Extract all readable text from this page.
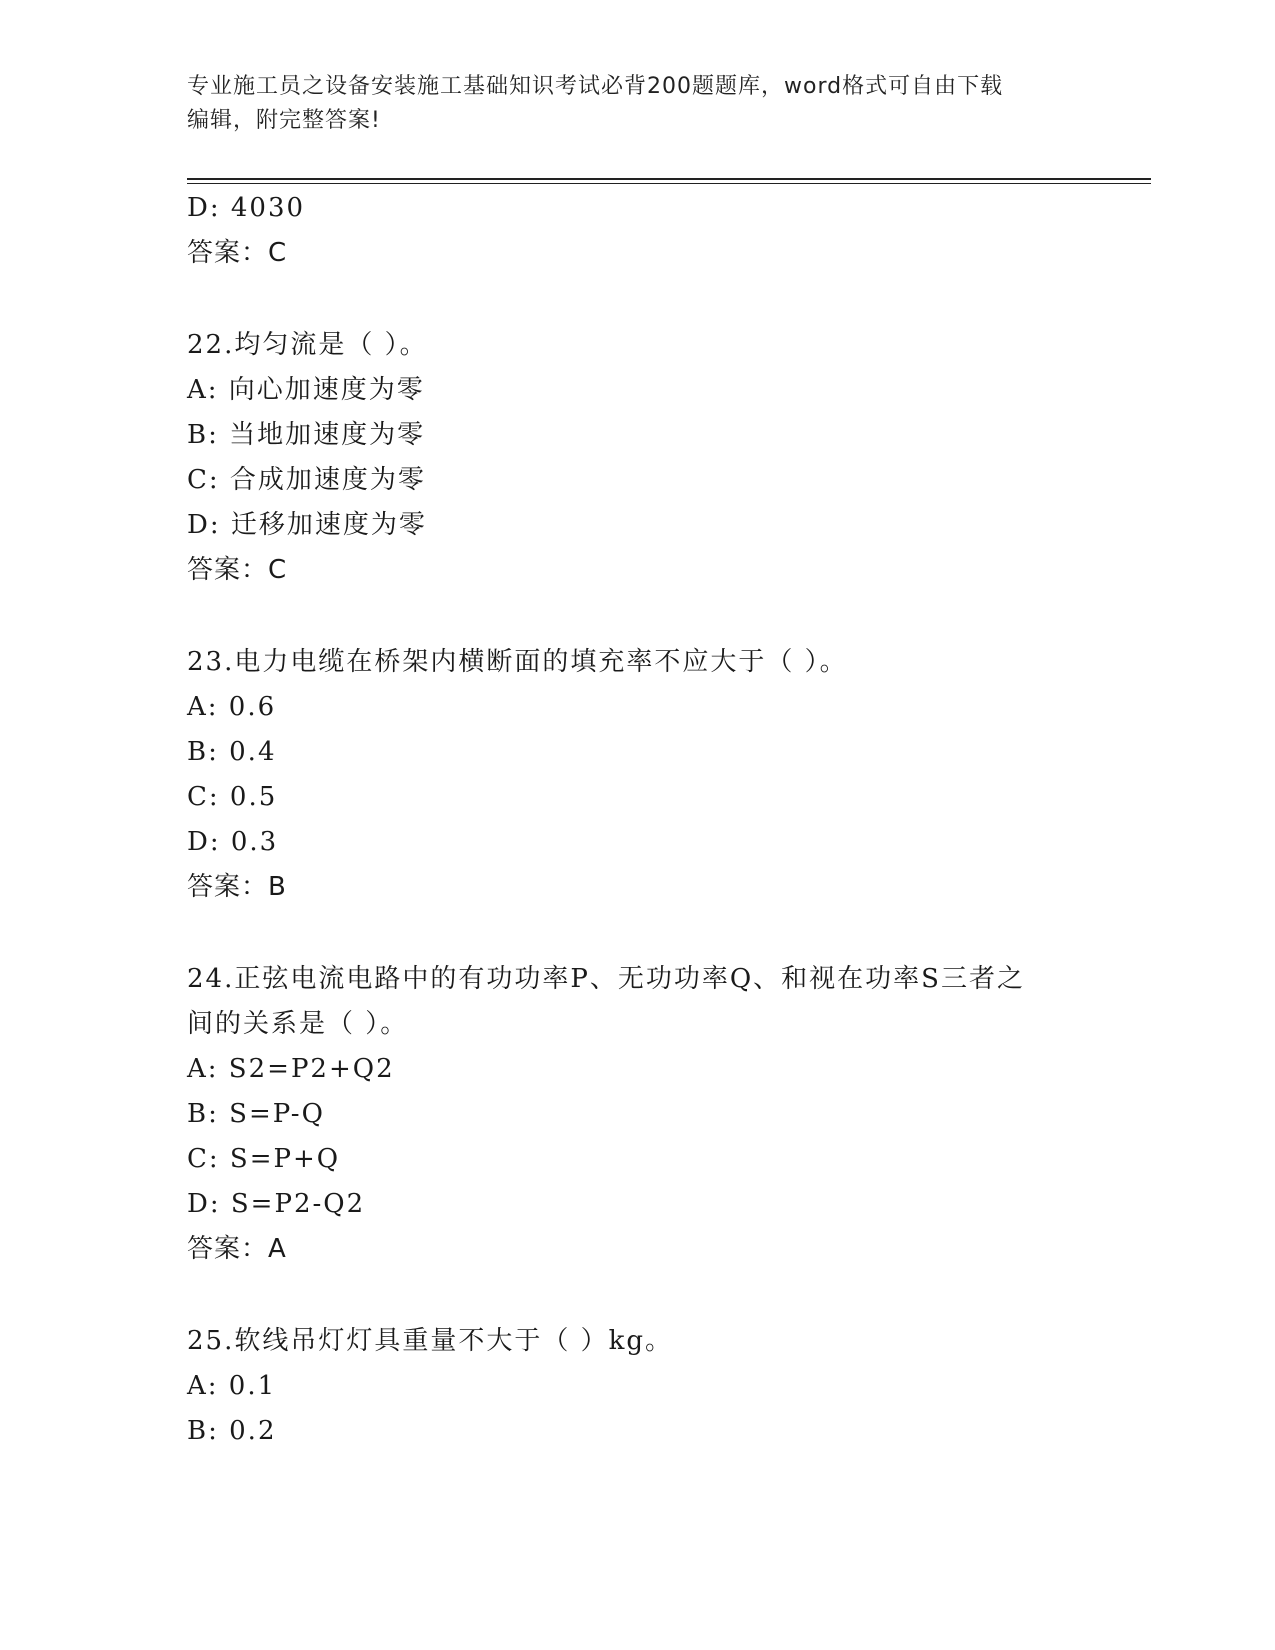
专业施工员之设备安装施工基础知识考试必背200题题库，word格式可自由下载
编辑，附完整答案!
D: 4030
答案：C
22.均匀流是（ ）。
A: 向心加速度为零
B: 当地加速度为零
C: 合成加速度为零
D: 迁移加速度为零
答案：C
23.电力电缆在桥架内横断面的填充率不应大于（ ）。
A: 0.6
B: 0.4
C: 0.5
D: 0.3
答案：B
24.正弦电流电路中的有功功率P、无功功率Q、和视在功率S三者之
间的关系是（ ）。
A: S2=P2+Q2
B: S=P-Q
C: S=P+Q
D: S=P2-Q2
答案：A
25.软线吊灯灯具重量不大于（ ）kg。
A: 0.1
B: 0.2
